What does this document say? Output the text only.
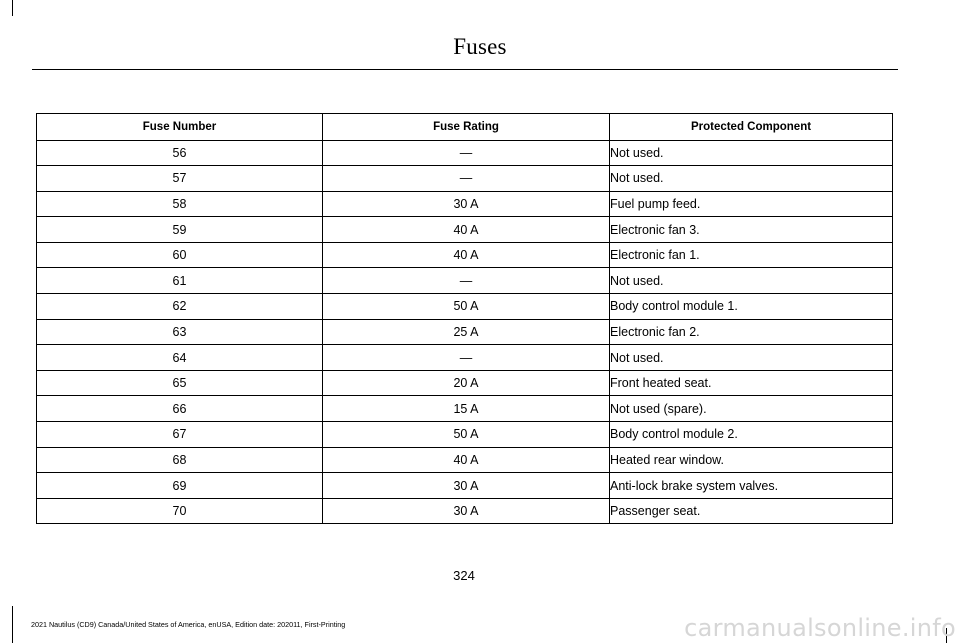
Fuses
Fuse Number	Fuse Rating	Protected Component
56	—	Not used.
57	—	Not used.
58	30 A	Fuel pump feed.
59	40 A	Electronic fan 3.
60	40 A	Electronic fan 1.
61	—	Not used.
62	50 A	Body control module 1.
63	25 A	Electronic fan 2.
64	—	Not used.
65	20 A	Front heated seat.
66	15 A	Not used (spare).
67	50 A	Body control module 2.
68	40 A	Heated rear window.
69	30 A	Anti-lock brake system valves.
70	30 A	Passenger seat.
324
2021 Nautilus (CD9) Canada/United States of America, enUSA, Edition date: 202011, First-Printing	carmanualsonline.info
